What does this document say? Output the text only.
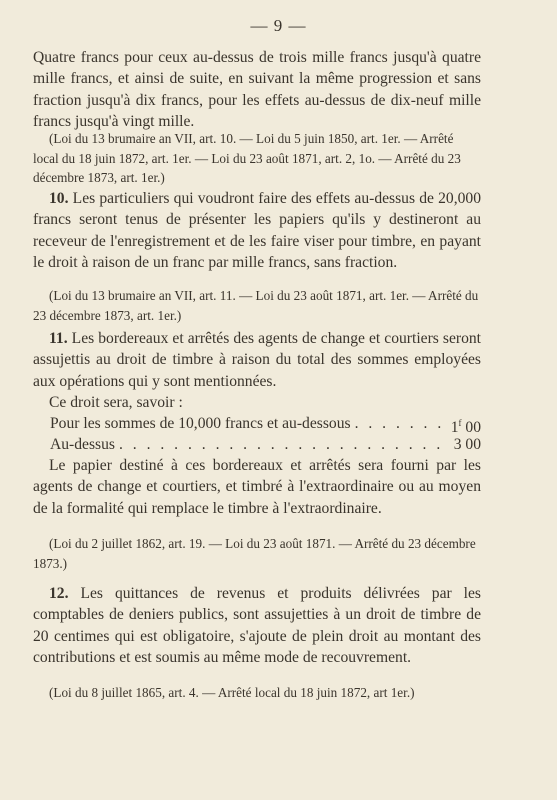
— 9 —
Quatre francs pour ceux au-dessus de trois mille francs jusqu'à quatre mille francs, et ainsi de suite, en suivant la même progression et sans fraction jusqu'à dix francs, pour les effets au-dessus de dix-neuf mille francs jusqu'à vingt mille.
(Loi du 13 brumaire an VII, art. 10. — Loi du 5 juin 1850, art. 1er. — Arrêté local du 18 juin 1872, art. 1er. — Loi du 23 août 1871, art. 2, 1o. — Arrêté du 23 décembre 1873, art. 1er.)
10. Les particuliers qui voudront faire des effets au-dessus de 20,000 francs seront tenus de présenter les papiers qu'ils y destineront au receveur de l'enregistrement et de les faire viser pour timbre, en payant le droit à raison de un franc par mille francs, sans fraction.
(Loi du 13 brumaire an VII, art. 11. — Loi du 23 août 1871, art. 1er. — Arrêté du 23 décembre 1873, art. 1er.)
11. Les bordereaux et arrêtés des agents de change et courtiers seront assujettis au droit de timbre à raison du total des sommes employées aux opérations qui y sont mentionnées.
Ce droit sera, savoir :
Pour les sommes de 10,000 francs et au-dessous . . .	1$^f$ 00
Au-dessus . . .	3 00
Le papier destiné à ces bordereaux et arrêtés sera fourni par les agents de change et courtiers, et timbré à l'extraordinaire ou au moyen de la formalité qui remplace le timbre à l'extraordinaire.
(Loi du 2 juillet 1862, art. 19. — Loi du 23 août 1871. — Arrêté du 23 décembre 1873.)
12. Les quittances de revenus et produits délivrées par les comptables de deniers publics, sont assujetties à un droit de timbre de 20 centimes qui est obligatoire, s'ajoute de plein droit au montant des contributions et est soumis au même mode de recouvrement.
(Loi du 8 juillet 1865, art. 4. — Arrêté local du 18 juin 1872, art 1er.)
